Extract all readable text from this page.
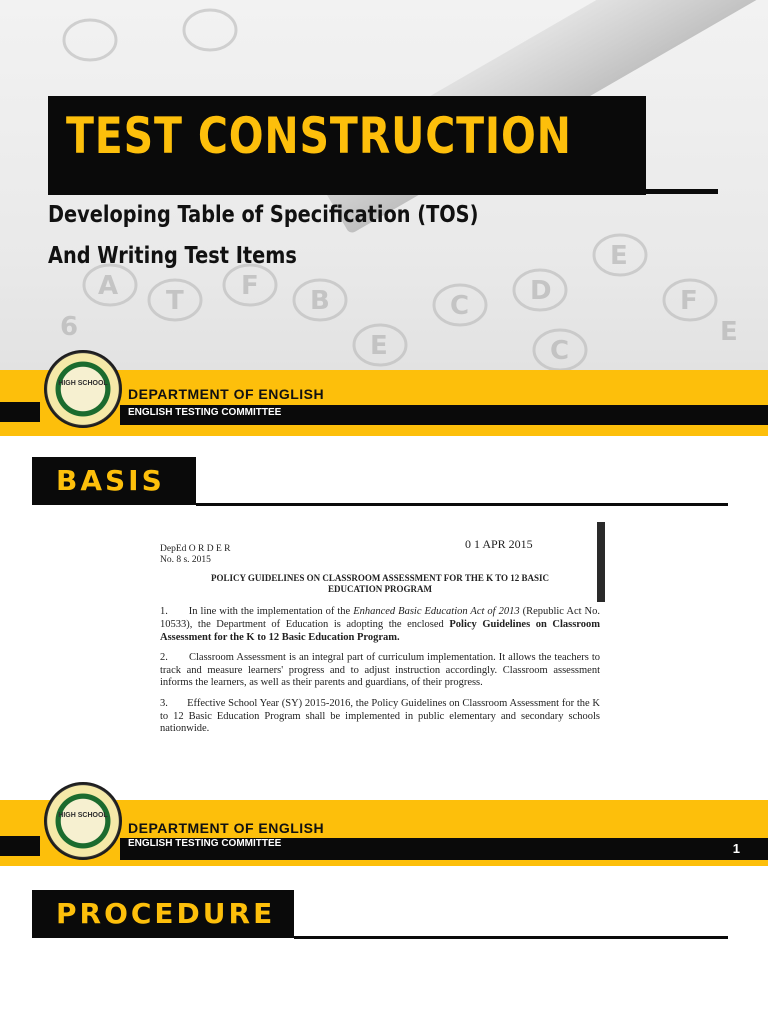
A T F B
E
C D
E
F
C
E
6
TEST CONSTRUCTION
Developing Table of Specification (TOS)
And Writing Test Items
HIGH SCHOOL
DEPARTMENT OF ENGLISH
ENGLISH TESTING COMMITTEE
BASIS
0 1 APR 2015
DepEd O R D E R
No. 8 s. 2015
POLICY GUIDELINES ON CLASSROOM ASSESSMENT FOR THE K TO 12 BASIC
EDUCATION PROGRAM

1. In line with the implementation of the Enhanced Basic Education Act of 2013 (Republic Act No. 10533), the Department of Education is adopting the enclosed Policy Guidelines on Classroom Assessment for the K to 12 Basic Education Program.

2. Classroom Assessment is an integral part of curriculum implementation. It allows the teachers to track and measure learners' progress and to adjust instruction accordingly. Classroom assessment informs the learners, as well as their parents and guardians, of their progress.

3. Effective School Year (SY) 2015-2016, the Policy Guidelines on Classroom Assessment for the K to 12 Basic Education Program shall be implemented in public elementary and secondary schools nationwide.

HIGH SCHOOL
DEPARTMENT OF ENGLISH
ENGLISH TESTING COMMITTEE	1
PROCEDURE
